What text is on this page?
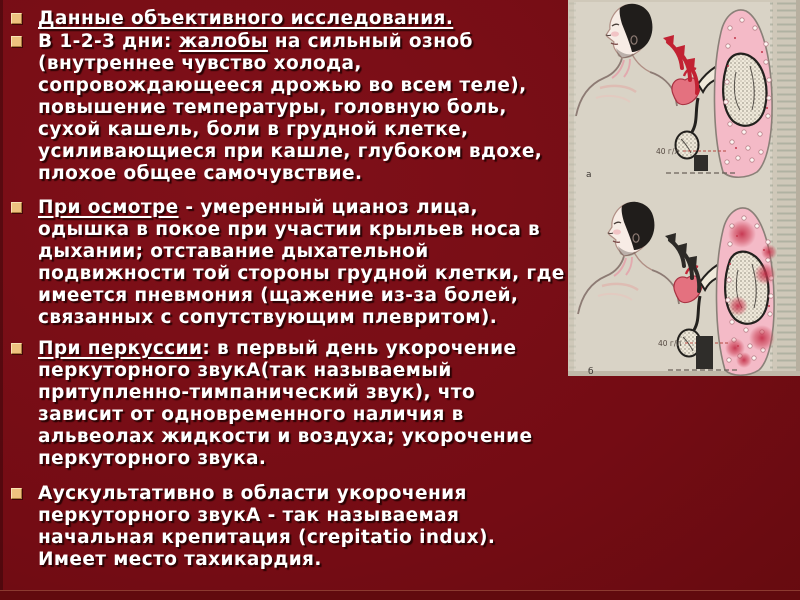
Данные объективного исследования.
В 1-2-3 дни: жалобы на сильный озноб (внутреннее чувство холода, сопровождающееся дрожью во всем теле), повышение температуры, головную боль, сухой кашель, боли в грудной клетке, усиливающиеся при кашле, глубоком вдохе, плохое общее самочувствие.
При осмотре - умеренный цианоз лица, одышка в покое при участии крыльев носа в дыхании; отставание дыхательной подвижности той стороны грудной клетки, где имеется пневмония (щажение из-за болей, связанных с сопутствующим плевритом).
При перкуссии: в первый день укорочение перкуторного звукА(так называемый притупленно-тимпанический звук), что зависит от одновременного наличия в альвеолах жидкости и воздуха; укорочение перкуторного звука.
Аускультативно в области укорочения перкуторного звукА - так называемая начальная крепитация (crepitatio indux). Имеет место тахикардия.
40 г/л
а
40 г/л
б
